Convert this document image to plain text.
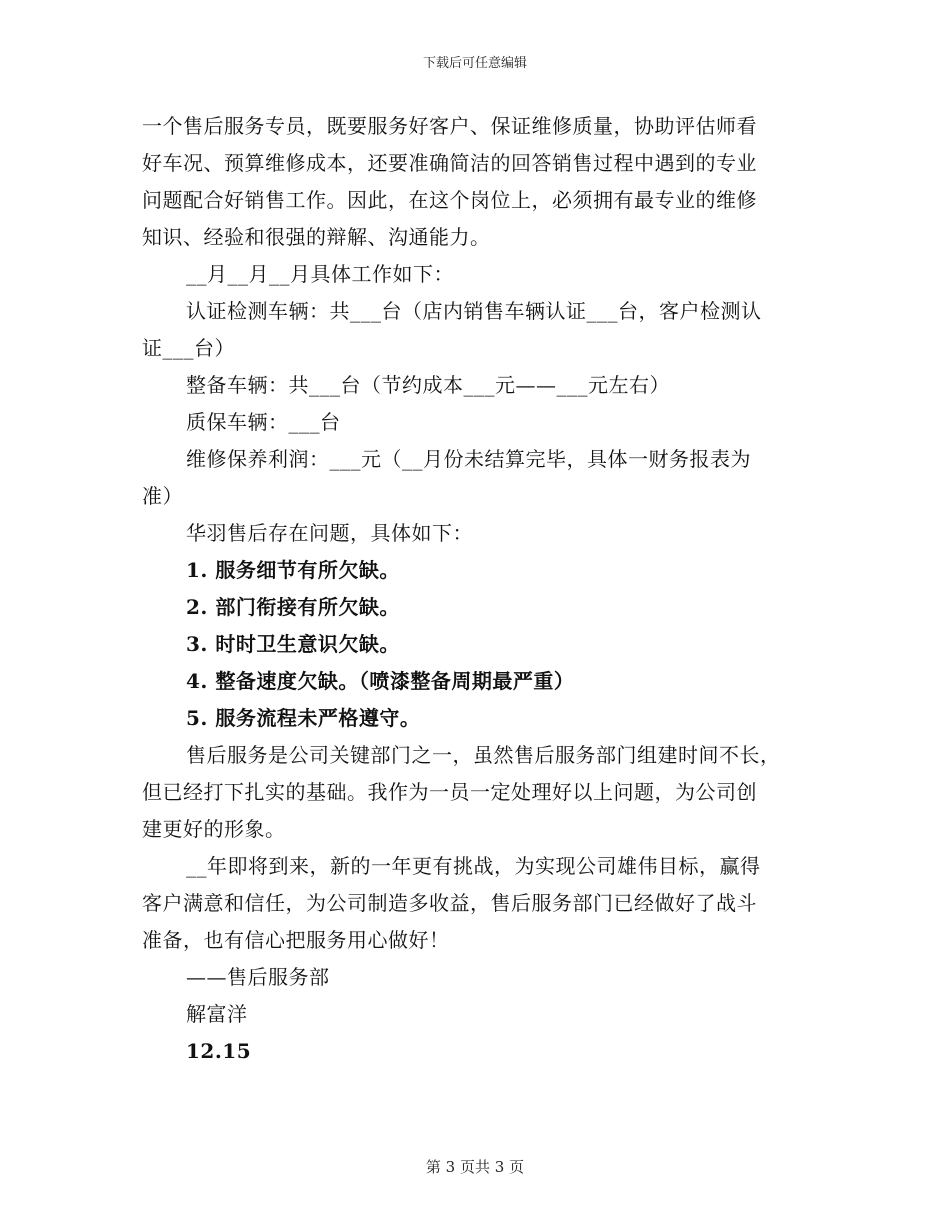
下载后可任意编辑
一个售后服务专员，既要服务好客户、保证维修质量，协助评估师看
好车况、预算维修成本，还要准确简洁的回答销售过程中遇到的专业
问题配合好销售工作。因此，在这个岗位上，必须拥有最专业的维修
知识、经验和很强的辩解、沟通能力。
__月__月__月具体工作如下：
认证检测车辆：共___台（店内销售车辆认证___台，客户检测认
证___台）
整备车辆：共___台（节约成本___元——___元左右）
质保车辆：___台
维修保养利润：___元（__月份未结算完毕，具体一财务报表为
准）
华羽售后存在问题，具体如下：
1. 服务细节有所欠缺。
2. 部门衔接有所欠缺。
3. 时时卫生意识欠缺。
4. 整备速度欠缺。（喷漆整备周期最严重）
5. 服务流程未严格遵守。
售后服务是公司关键部门之一，虽然售后服务部门组建时间不长，
但已经打下扎实的基础。我作为一员一定处理好以上问题，为公司创
建更好的形象。
__年即将到来，新的一年更有挑战，为实现公司雄伟目标，赢得
客户满意和信任，为公司制造多收益，售后服务部门已经做好了战斗
准备，也有信心把服务用心做好！
——售后服务部
解富洋
12.15
第 3 页共 3 页
